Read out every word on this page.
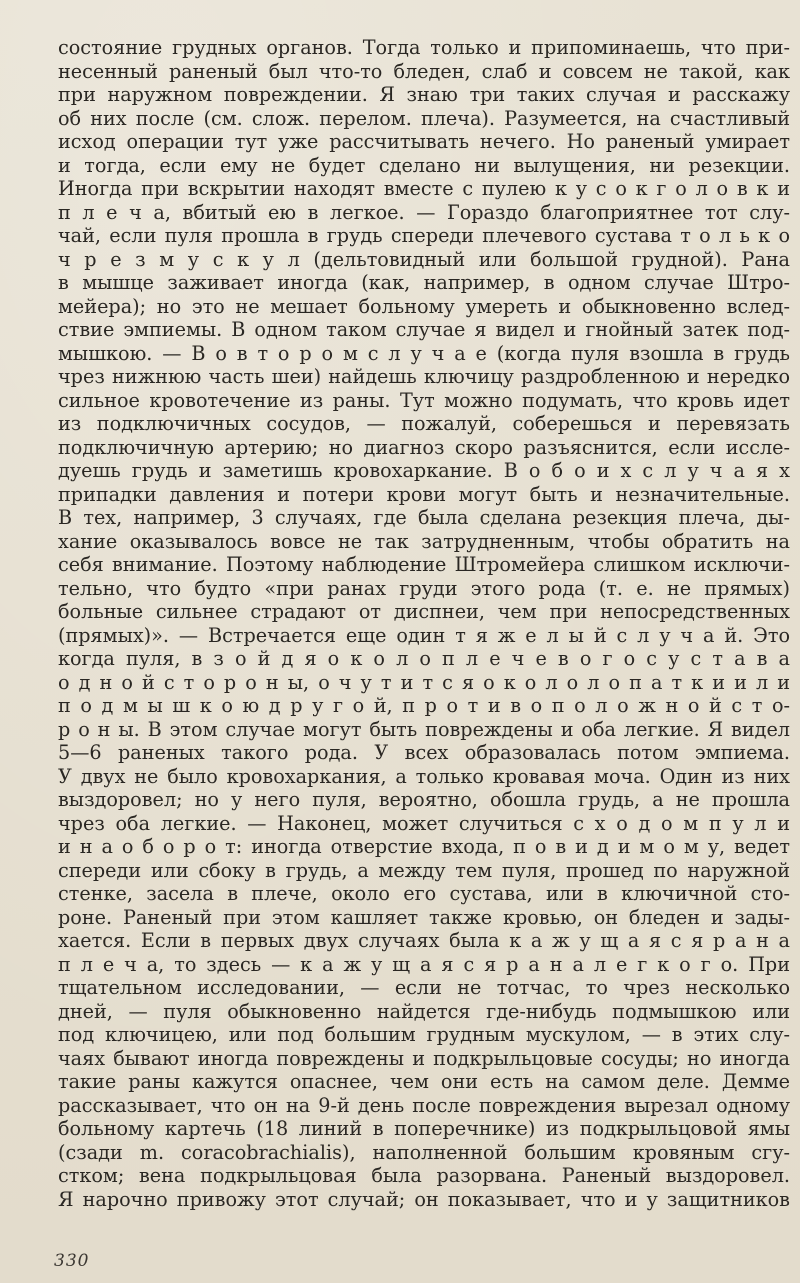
состояние грудных органов. Тогда только и припоминаешь, что при-
несенный раненый был что-то бледен, слаб и совсем не такой, как
при наружном повреждении. Я знаю три таких случая и расскажу
об них после (см. слож. перелом. плеча). Разумеется, на счастливый
исход операции тут уже рассчитывать нечего. Но раненый умирает
и тогда, если ему не будет сделано ни вылущения, ни резекции.
Иногда при вскрытии находят вместе с пулею к у с о к г о л о в к и
п л е ч а, вбитый ею в легкое. — Гораздо благоприятнее тот слу-
чай, если пуля прошла в грудь спереди плечевого сустава т о л ь к о
ч р е з м у с к у л (дельтовидный или большой грудной). Рана
в мышце заживает иногда (как, например, в одном случае Штро-
мейера); но это не мешает больному умереть и обыкновенно вслед-
ствие эмпиемы. В одном таком случае я видел и гнойный затек под-
мышкою. — В о в т о р о м с л у ч а е (когда пуля взошла в грудь
чрез нижнюю часть шеи) найдешь ключицу раздробленною и нередко
сильное кровотечение из раны. Тут можно подумать, что кровь идет
из подключичных сосудов, — пожалуй, соберешься и перевязать
подключичную артерию; но диагноз скоро разъяснится, если иссле-
дуешь грудь и заметишь кровохаркание. В о б о и х с л у ч а я х
припадки давления и потери крови могут быть и незначительные.
В тех, например, 3 случаях, где была сделана резекция плеча, ды-
хание оказывалось вовсе не так затрудненным, чтобы обратить на
себя внимание. Поэтому наблюдение Штромейера слишком исключи-
тельно, что будто «при ранах груди этого рода (т. е. не прямых)
больные сильнее страдают от диспнеи, чем при непосредственных
(прямых)». — Встречается еще один т я ж е л ы й с л у ч а й. Это
когда пуля, в з о й д я о к о л о п л е ч е в о г о с у с т а в а
о д н о й с т о р о н ы, о ч у т и т с я о к о л о л о п а т к и и л и
п о д м ы ш к о ю д р у г о й, п р о т и в о п о л о ж н о й с т о-
р о н ы. В этом случае могут быть повреждены и оба легкие. Я видел
5—6 раненых такого рода. У всех образовалась потом эмпиема.
У двух не было кровохаркания, а только кровавая моча. Один из них
выздоровел; но у него пуля, вероятно, обошла грудь, а не прошла
чрез оба легкие. — Наконец, может случиться с х о д о м п у л и
и н а о б о р о т: иногда отверстие входа, п о в и д и м о м у, ведет
спереди или сбоку в грудь, а между тем пуля, прошед по наружной
стенке, засела в плече, около его сустава, или в ключичной сто-
роне. Раненый при этом кашляет также кровью, он бледен и зады-
хается. Если в первых двух случаях была к а ж у щ а я с я р а н а
п л е ч а, то здесь — к а ж у щ а я с я р а н а л е г к о г о. При
тщательном исследовании, — если не тотчас, то чрез несколько
дней, — пуля обыкновенно найдется где-нибудь подмышкою или
под ключицею, или под большим грудным мускулом, — в этих слу-
чаях бывают иногда повреждены и подкрыльцовые сосуды; но иногда
такие раны кажутся опаснее, чем они есть на самом деле. Демме
рассказывает, что он на 9-й день после повреждения вырезал одному
больному картечь (18 линий в поперечнике) из подкрыльцовой ямы
(сзади m. coracobrachialis), наполненной большим кровяным сгу-
стком; вена подкрыльцовая была разорвана. Раненый выздоровел.
Я нарочно привожу этот случай; он показывает, что и у защитников
330
